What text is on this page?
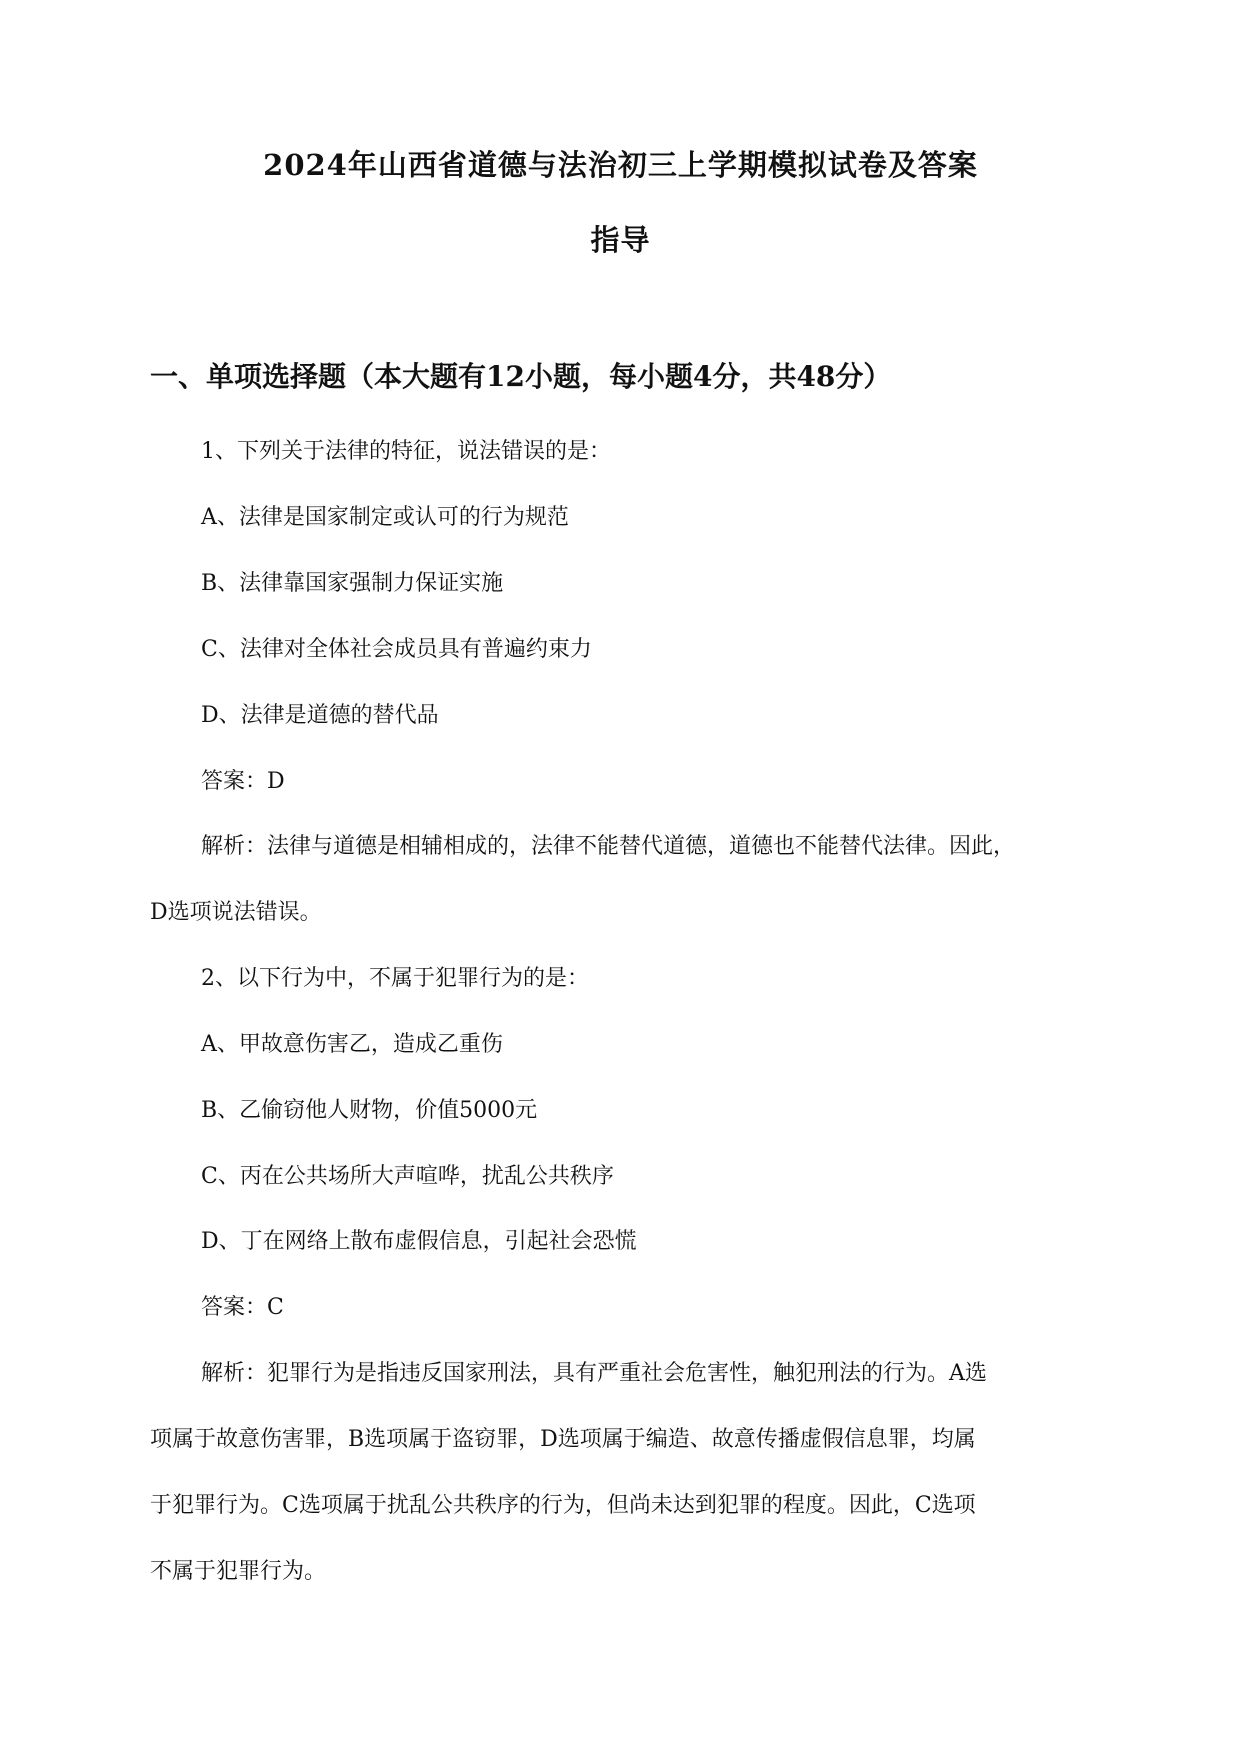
2024年山西省道德与法治初三上学期模拟试卷及答案
指导
一、单项选择题（本大题有12小题，每小题4分，共48分）
1、下列关于法律的特征，说法错误的是：
A、法律是国家制定或认可的行为规范
B、法律靠国家强制力保证实施
C、法律对全体社会成员具有普遍约束力
D、法律是道德的替代品
答案：D
解析：法律与道德是相辅相成的，法律不能替代道德，道德也不能替代法律。因此，
D选项说法错误。
2、以下行为中，不属于犯罪行为的是：
A、甲故意伤害乙，造成乙重伤
B、乙偷窃他人财物，价值5000元
C、丙在公共场所大声喧哗，扰乱公共秩序
D、丁在网络上散布虚假信息，引起社会恐慌
答案：C
解析：犯罪行为是指违反国家刑法，具有严重社会危害性，触犯刑法的行为。A选
项属于故意伤害罪，B选项属于盗窃罪，D选项属于编造、故意传播虚假信息罪，均属
于犯罪行为。C选项属于扰乱公共秩序的行为，但尚未达到犯罪的程度。因此，C选项
不属于犯罪行为。
